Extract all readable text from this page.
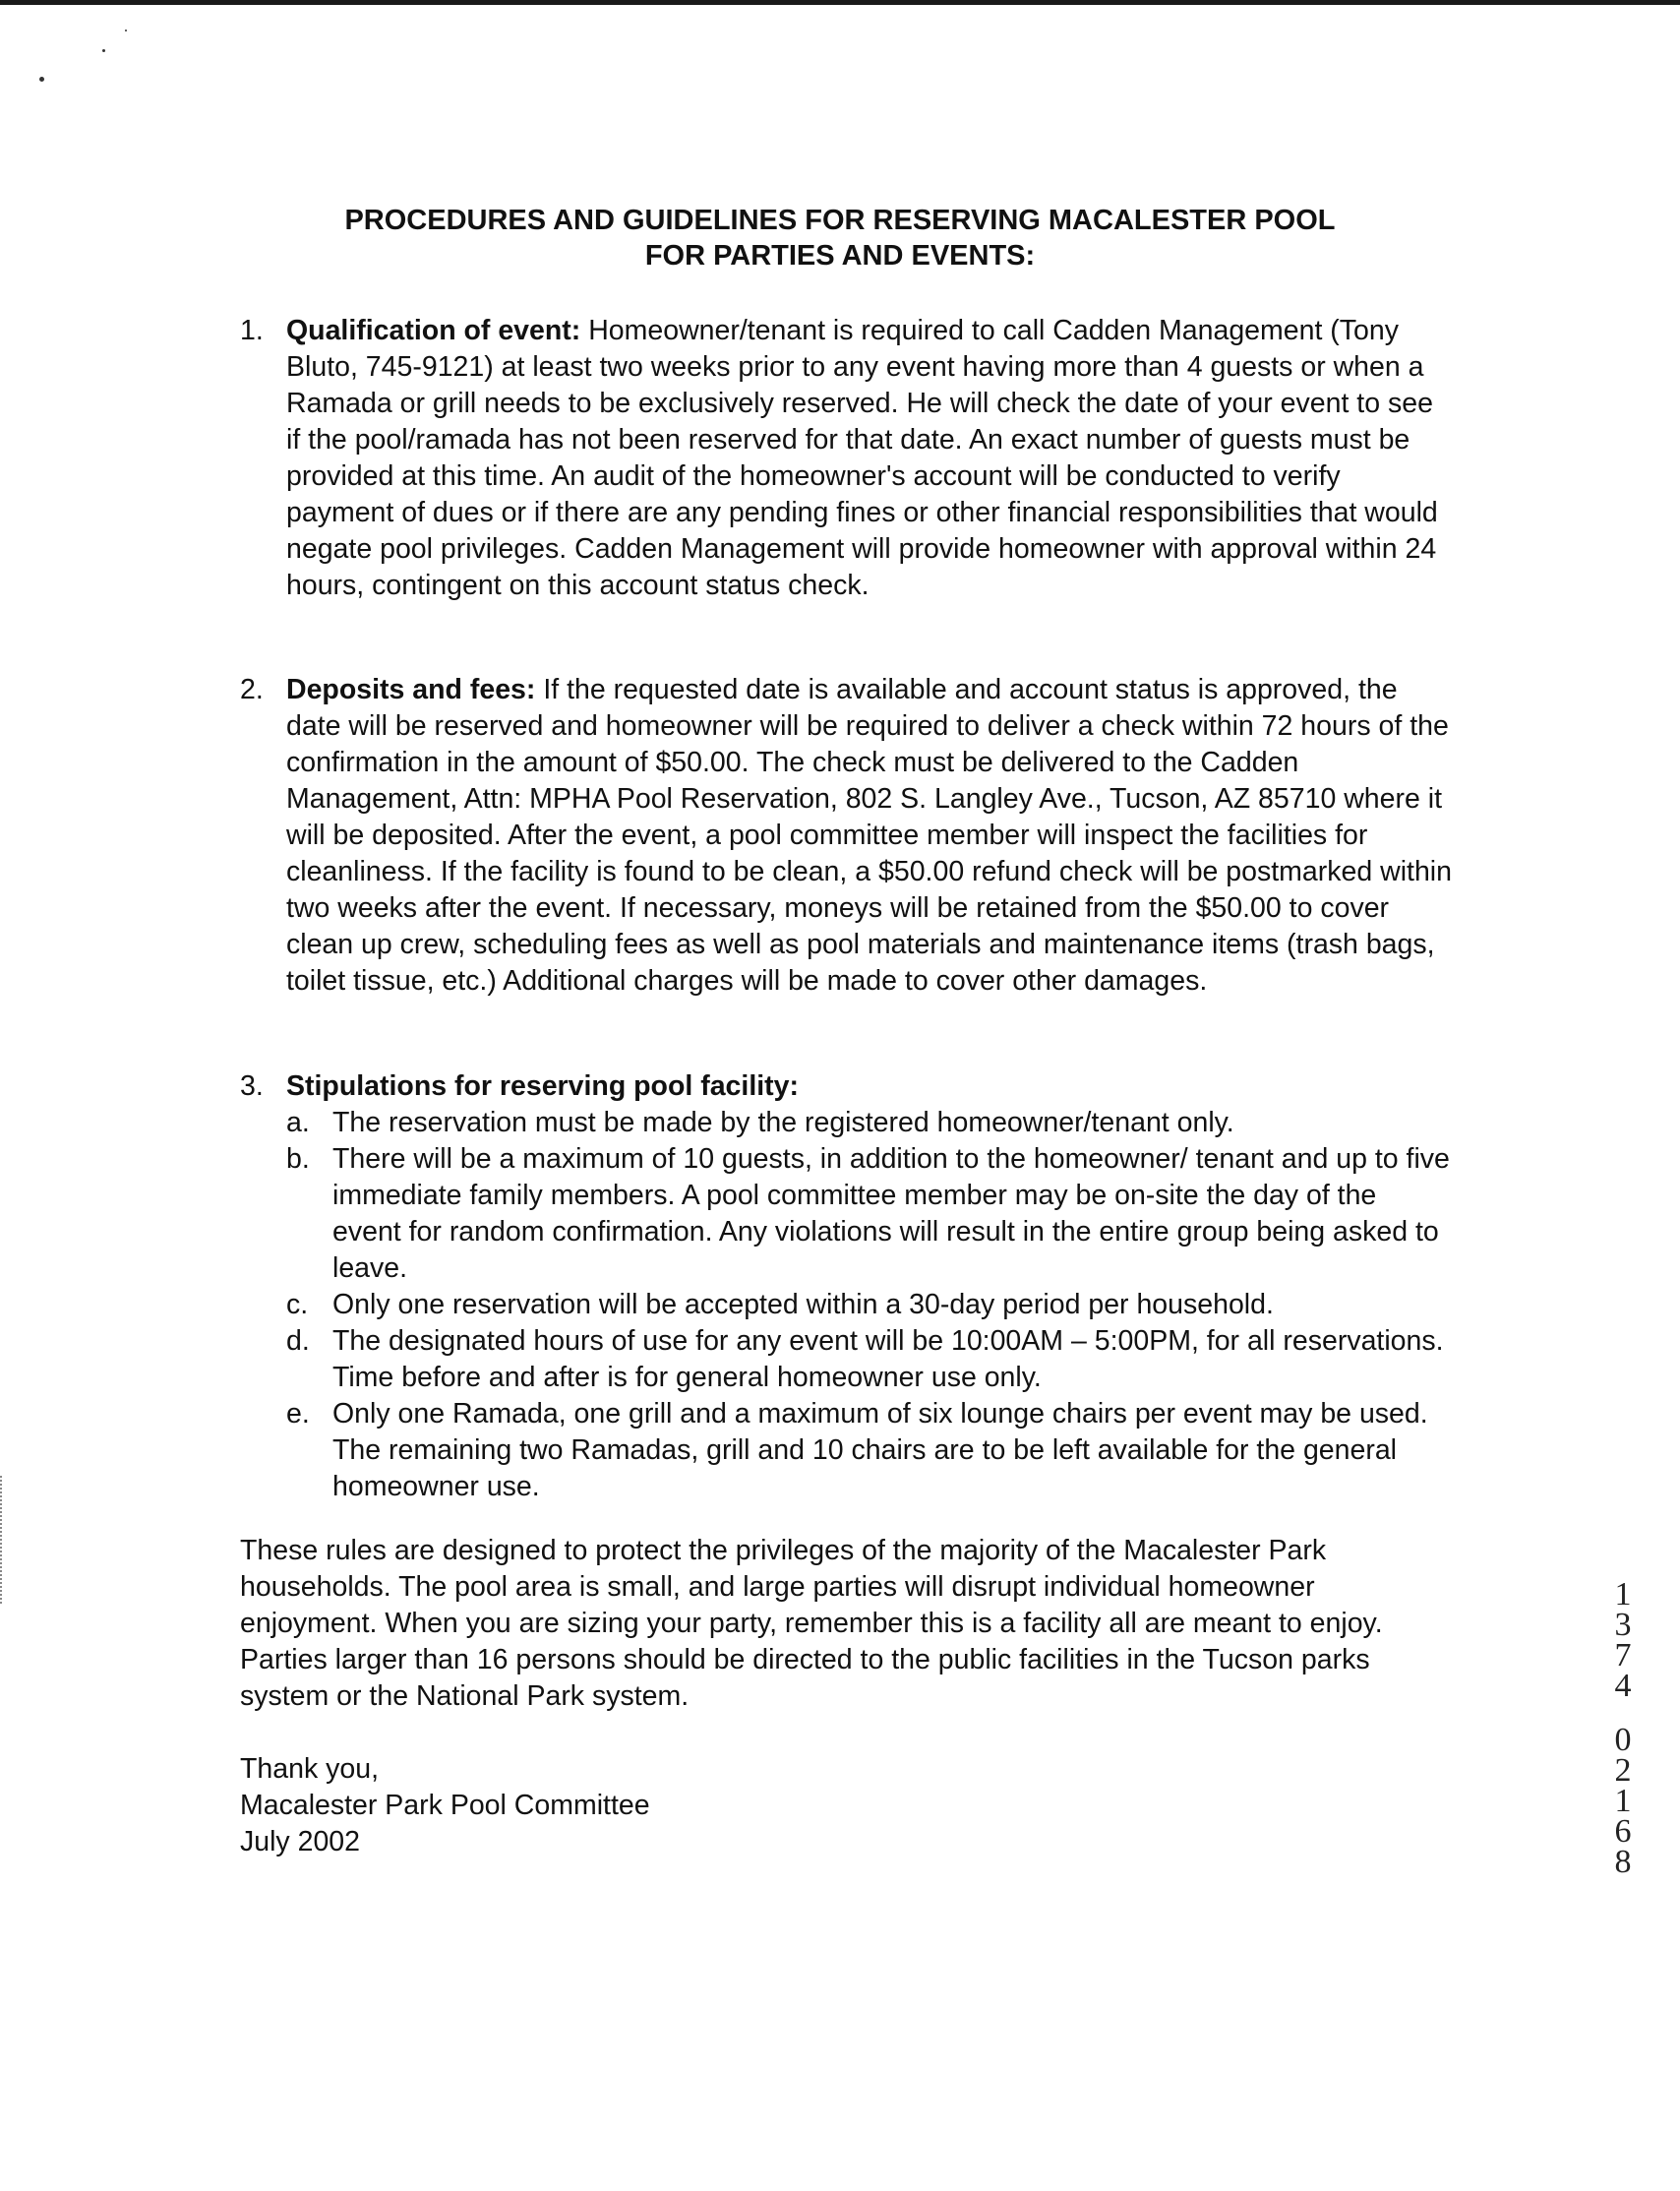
PROCEDURES AND GUIDELINES FOR RESERVING MACALESTER POOL
FOR PARTIES AND EVENTS:
1. Qualification of event: Homeowner/tenant is required to call Cadden Management (Tony Bluto, 745-9121) at least two weeks prior to any event having more than 4 guests or when a Ramada or grill needs to be exclusively reserved. He will check the date of your event to see if the pool/ramada has not been reserved for that date. An exact number of guests must be provided at this time. An audit of the homeowner's account will be conducted to verify payment of dues or if there are any pending fines or other financial responsibilities that would negate pool privileges. Cadden Management will provide homeowner with approval within 24 hours, contingent on this account status check.
2. Deposits and fees: If the requested date is available and account status is approved, the date will be reserved and homeowner will be required to deliver a check within 72 hours of the confirmation in the amount of $50.00. The check must be delivered to the Cadden Management, Attn: MPHA Pool Reservation, 802 S. Langley Ave., Tucson, AZ 85710 where it will be deposited. After the event, a pool committee member will inspect the facilities for cleanliness. If the facility is found to be clean, a $50.00 refund check will be postmarked within two weeks after the event. If necessary, moneys will be retained from the $50.00 to cover clean up crew, scheduling fees as well as pool materials and maintenance items (trash bags, toilet tissue, etc.) Additional charges will be made to cover other damages.
3. Stipulations for reserving pool facility:
a. The reservation must be made by the registered homeowner/tenant only.
b. There will be a maximum of 10 guests, in addition to the homeowner/ tenant and up to five immediate family members. A pool committee member may be on-site the day of the event for random confirmation. Any violations will result in the entire group being asked to leave.
c. Only one reservation will be accepted within a 30-day period per household.
d. The designated hours of use for any event will be 10:00AM – 5:00PM, for all reservations. Time before and after is for general homeowner use only.
e. Only one Ramada, one grill and a maximum of six lounge chairs per event may be used. The remaining two Ramadas, grill and 10 chairs are to be left available for the general homeowner use.
These rules are designed to protect the privileges of the majority of the Macalester Park households. The pool area is small, and large parties will disrupt individual homeowner enjoyment. When you are sizing your party, remember this is a facility all are meant to enjoy. Parties larger than 16 persons should be directed to the public facilities in the Tucson parks system or the National Park system.
Thank you,
Macalester Park Pool Committee
July 2002
1
3
7
4
0
2
1
6
8
